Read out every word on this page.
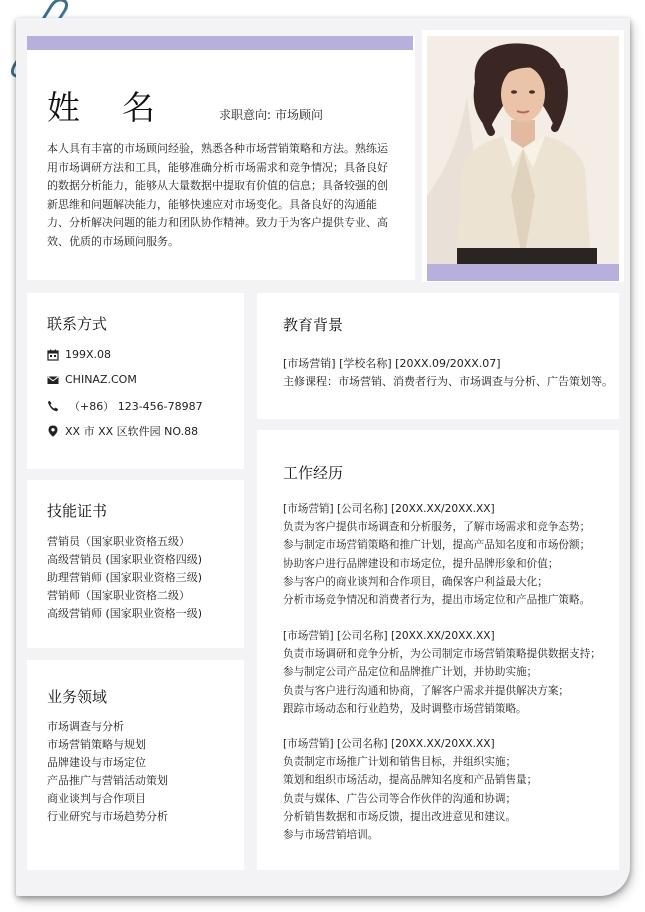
姓名 求职意向: 市场顾问
本人具有丰富的市场顾问经验，熟悉各种市场营销策略和方法。熟练运用市场调研方法和工具，能够准确分析市场需求和竞争情况；具备良好的数据分析能力，能够从大量数据中提取有价值的信息；具备较强的创新思维和问题解决能力，能够快速应对市场变化。具备良好的沟通能力、分析解决问题的能力和团队协作精神。致力于为客户提供专业、高效、优质的市场顾问服务。
联系方式
199X.08
CHINAZ.COM
（+86） 123-456-78987
XX 市 XX 区软件园 NO.88
技能证书
营销员（国家职业资格五级）
高级营销员 (国家职业资格四级)
助理营销师 (国家职业资格三级)
营销师（国家职业资格二级）
高级营销师 (国家职业资格一级)
业务领域
市场调查与分析
市场营销策略与规划
品牌建设与市场定位
产品推广与营销活动策划
商业谈判与合作项目
行业研究与市场趋势分析
教育背景
[市场营销] [学校名称] [20XX.09/20XX.07]
主修课程：市场营销、消费者行为、市场调查与分析、广告策划等。
工作经历
[市场营销] [公司名称] [20XX.XX/20XX.XX]
负责为客户提供市场调查和分析服务，了解市场需求和竞争态势；
参与制定市场营销策略和推广计划，提高产品知名度和市场份额；
协助客户进行品牌建设和市场定位，提升品牌形象和价值；
参与客户的商业谈判和合作项目，确保客户利益最大化；
分析市场竞争情况和消费者行为，提出市场定位和产品推广策略。
[市场营销] [公司名称] [20XX.XX/20XX.XX]
负责市场调研和竞争分析，为公司制定市场营销策略提供数据支持；
参与制定公司产品定位和品牌推广计划，并协助实施；
负责与客户进行沟通和协商，了解客户需求并提供解决方案；
跟踪市场动态和行业趋势，及时调整市场营销策略。
[市场营销] [公司名称] [20XX.XX/20XX.XX]
负责制定市场推广计划和销售目标，并组织实施；
策划和组织市场活动，提高品牌知名度和产品销售量；
负责与媒体、广告公司等合作伙伴的沟通和协调；
分析销售数据和市场反馈，提出改进意见和建议。
参与市场营销培训。
